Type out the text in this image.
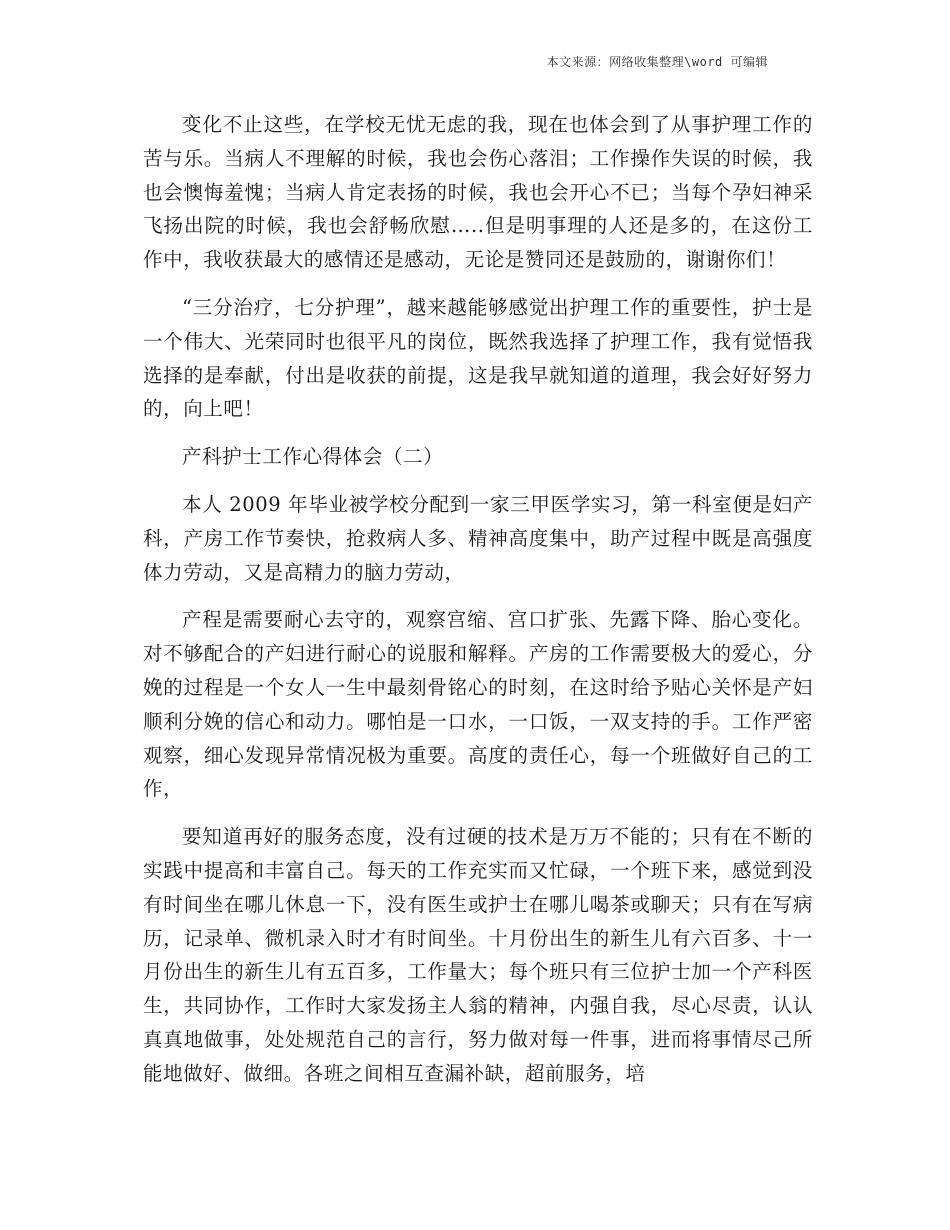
本文来源：网络收集整理\word 可编辑

变化不止这些，在学校无忧无虑的我，现在也体会到了从事护理工作的苦与乐。当病人不理解的时候，我也会伤心落泪；工作操作失误的时候，我也会懊悔羞愧；当病人肯定表扬的时候，我也会开心不已；当每个孕妇神采飞扬出院的时候，我也会舒畅欣慰…..但是明事理的人还是多的，在这份工作中，我收获最大的感情还是感动，无论是赞同还是鼓励的，谢谢你们！

“三分治疗，七分护理”，越来越能够感觉出护理工作的重要性，护士是一个伟大、光荣同时也很平凡的岗位，既然我选择了护理工作，我有觉悟我选择的是奉献，付出是收获的前提，这是我早就知道的道理，我会好好努力的，向上吧！

产科护士工作心得体会（二）

本人 2009 年毕业被学校分配到一家三甲医学实习，第一科室便是妇产科，产房工作节奏快，抢救病人多、精神高度集中，助产过程中既是高强度体力劳动，又是高精力的脑力劳动，

产程是需要耐心去守的，观察宫缩、宫口扩张、先露下降、胎心变化。对不够配合的产妇进行耐心的说服和解释。产房的工作需要极大的爱心，分娩的过程是一个女人一生中最刻骨铭心的时刻，在这时给予贴心关怀是产妇顺利分娩的信心和动力。哪怕是一口水，一口饭，一双支持的手。工作严密观察，细心发现异常情况极为重要。高度的责任心，每一个班做好自己的工作，

要知道再好的服务态度，没有过硬的技术是万万不能的；只有在不断的实践中提高和丰富自己。每天的工作充实而又忙碌，一个班下来，感觉到没有时间坐在哪儿休息一下，没有医生或护士在哪儿喝茶或聊天；只有在写病历，记录单、微机录入时才有时间坐。十月份出生的新生儿有六百多、十一月份出生的新生儿有五百多，工作量大；每个班只有三位护士加一个产科医生，共同协作，工作时大家发扬主人翁的精神，内强自我，尽心尽责，认认真真地做事，处处规范自己的言行，努力做对每一件事，进而将事情尽己所能地做好、做细。各班之间相互查漏补缺，超前服务，培
